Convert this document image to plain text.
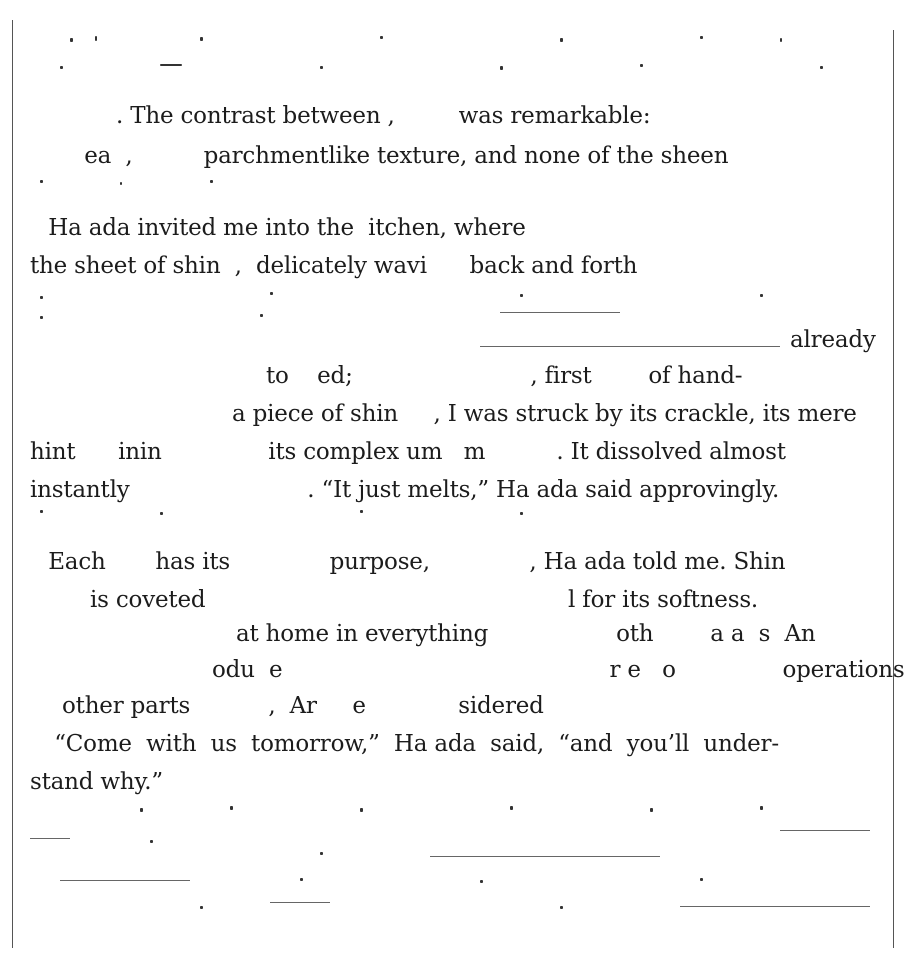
. The contrast between ,         was remarkable:
ea  ,          parchmentlike texture, and none of the sheen
Ha ada invited me into the  itchen, where
the sheet of shin  ,  delicately wavi      back and forth
already
to    ed;                         , first        of hand-
a piece of shin     , I was struck by its crackle, its mere
hint      inin               its complex um   m          . It dissolved almost
instantly                         . “It just melts,” Ha ada said approvingly.
Each       has its              purpose,              , Ha ada told me. Shin
is coveted                                                   l for its softness.
at home in everything                  oth        a a  s  An
odu  e                                              r e   o               operations
other parts           ,  Ar     e             sidered
“Come  with  us  tomorrow,”  Ha ada  said,  “and  you’ll  under-
stand why.”
